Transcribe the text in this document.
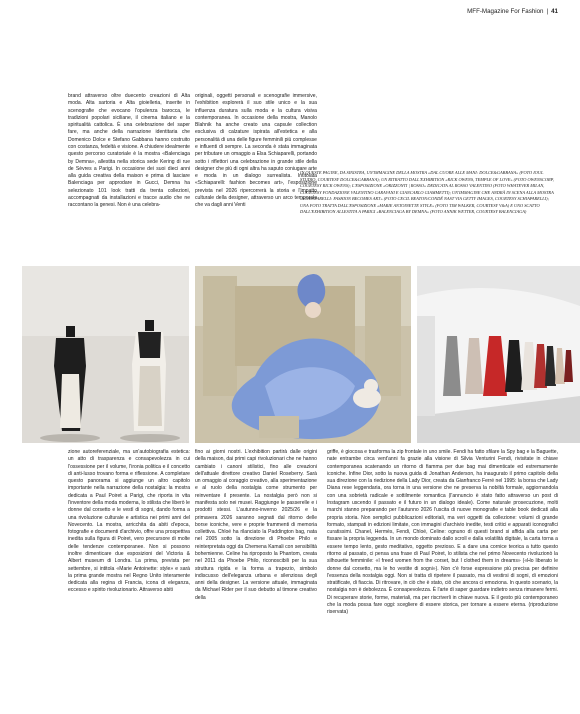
MFF-Magazine For Fashion | 41

brand attraverso oltre duecento creazioni di Alta moda. Alta sartoria e Alta gioielleria, inserite in scenografie che evocano l'opulenza barocca, le tradizioni popolari siciliane, il cinema italiano e la spiritualità cattolica. È una celebrazione del saper fare, ma anche della narrazione identitaria che Domenico Dolce e Stefano Gabbana hanno costruito con costanza, fedeltà e visione. A chiudere idealmente questo percorso curatoriale è la mostra «Balenciaga by Demna», allestita nella storica sede Kering di rue de Sèvres a Parigi. In occasione dei suoi dieci anni alla guida creativa della maison e prima di lasciare Balenciaga per approdare in Gucci, Demna ha selezionato 101 look tratti da trenta collezioni, accompagnati da installazioni e tracce audio che ne raccontano la genesi. Non è una celebra-

originali, oggetti personali e scenografie immersive, l'exhibition esplorerà il suo stile unico e la sua influenza duratura sulla moda e la cultura visiva contemporanea. In occasione della mostra, Manolo Blahnik ha anche creato una capsule collection esclusiva di calzature ispirata all'estetica e alla personalità di una delle figure femminili più complesse e influenti di sempre. La seconda è stata immaginata per tributare un omaggio a Elsa Schiaparelli, portando sotto i riflettori una celebrazione in grande stile della designer che più di ogni altra ha saputo coniugare arte e moda in un dialogo surrealista. Intitolata «Schiaparelli: fashion becomes art», l'esposizione prevista nel 2026 ripercorrerà la storia e l'impatto culturale della designer, attraverso un arco temporale che va dagli anni Venti

IN QUESTE PAGINE, DA SINISTRA, UN'IMMAGINE DELLA MOSTRA «DAL CUORE ALLE MANI: DOLCE&GABBANA» (FOTO IOUL STUDIO, COURTESY DOLCE&GABBANA); UN RITRATTO DALL'EXHIBITION «RICK OWENS, TEMPLE OF LOVE» (FOTO OWENSCORP, COURTESY RICK OWENS); L'ESPOSIZIONE «ORIZZONTI | ROSSO» DEDICATA AL ROSSO VALENTINO (FOTO WHATEVER MILAN, COURTESY FONDAZIONE VALENTINO GARAVANI E GIANCARLO GIAMMETTI); UN'IMMAGINE CHE ANDRÀ IN SCENA ALLA MOSTRA «SCHIAPARELLI: FASHION BECOMES ART» (FOTO CECIL BEATON/CONDÉ NAST VIA GETTY IMAGES, COURTESY SCHIAPARELLI); UNA FOTO TRATTA DALL'ESPOSIZIONE «MARIE ANTOINETTE STYLE» (FOTO TIM WALKER, COURTESY V&A) E UNO SCATTO DALL'EXHIBITION ALLESTITA A PARIGI «BALENCIAGA BY DEMNA» (FOTO ANNIK WETTER, COURTESY BALENCIAGA)

zione autoreferenziale, ma un'autobiografia estetica: un atto di trasparenza e consapevolezza in cui l'ossessione per il volume, l'ironia politica e il concetto di anti-lusso trovano forma e riflessione. A completare questo panorama si aggiunge un altro capitolo importante nella narrazione della nostalgia: la mostra dedicata a Paul Poiret a Parigi, che riporta in vita l'inventore della moda moderna, lo stilista che liberò le donne dal corsetto e le vestì di sogni, dando forma a una rivoluzione culturale e artistica nei primi anni del Novecento. La mostra, arricchita da abiti d'epoca, fotografie e documenti d'archivio, offre una prospettiva inedita sulla figura di Poiret, vero precursore di molte delle tendenze contemporanee. Non si possono inoltre dimenticare due esposizioni del Victoria & Albert museum di Londra. La prima, prevista per settembre, si intitola «Marie Antoinette: style» e sarà la prima grande mostra nel Regno Unito interamente dedicata alla regina di Francia, icona di eleganza, eccesso e spirito rivoluzionario. Attraverso abiti

fino ai giorni nostri. L'exhibition partirà dalle origini della maison, dai primi capi rivoluzionari che ne hanno cambiato i canoni stilistici, fino alle creazioni dell'attuale direttore creativo Daniel Roseberry. Sarà un omaggio al coraggio creativo, alla sperimentazione e al ruolo della nostalgia come strumento per reinventare il presente. La nostalgia però non si manifesta solo nei musei. Raggiunge le passerelle e i prodotti stessi. L'autunno-inverno 2025/26 e la primavera 2026 saranno segnati dal ritorno delle borse iconiche, vere e proprie frammenti di memoria collettiva. Chloé ha rilanciato la Paddington bag, nata nel 2005 sotto la direzione di Phoebe Philo e reinterpretata oggi da Chemena Kamali con sensibilità bohemienne. Celine ha riproposto la Phantom, creata nel 2011 da Phoebe Philo, riconoscibili per la sua struttura rigida e la forma a trapezio, simbolo indiscusso dell'eleganza urbana e silenziosa degli anni della designer. La versione attuale, immaginata da Michael Rider per il suo debutto al timone creativo della

griffe, è giocosa e trasforma la zip frontale in uno smile. Fendi ha fatto sfilare la Spy bag e la Baguette, nate entrambe circa vent'anni fa grazie alla visione di Silvia Venturini Fendi, rivisitate in chiave contemporanea scatenando un ritorno di fiamma per due bag mai dimenticate ed estremamente iconiche. Infine Dior, sotto la nuova guida di Jonathan Anderson, ha inaugurato il primo capitolo della sua direzione con la riedizione della Lady Dior, creata da Gianfranco Ferré nel 1995: la borsa che Lady Diana rese leggendaria, ora torna in una versione che ne preserva la nobiltà formale, aggiornandola con una sobrietà radicale e sottilmente romantica (l'annuncio è stato fatto attraverso un post di Instagram uscendo il passato e il futuro in un dialogo ideale). Come naturale prosecuzione, molti marchi stanno preparando per l'autunno 2026 l'uscita di nuove monografie e table book dedicati alla propria storia. Non semplici pubblicazioni editoriali, ma veri oggetti da collezione: volumi di grande formato, stampati in edizioni limitate, con immagini d'archivio inedite, testi critici e apparati iconografici curatissimi. Chanel, Hermès, Fendi, Chloé, Celine: ognuno di questi brand si affida alla carta per fissare la propria leggenda. In un mondo dominato dallo scroll e dalla volatilità digitale, la carta torna a essere tempo lento, gesto meditativo, oggetto prezioso. E a dare una cornice teorica a tutto questo ritorno al passato, ci pensa una frase di Paul Poiret, lo stilista che nel primo Novecento rivoluzionò la silhouette femminile: «I freed women from the corset, but I clothed them in dreams» («Ho liberato le donne dal corsetto, ma le ho vestite di sogni»). Non c'è forse espressione più precisa per definire l'essenza della nostalgia oggi. Non si tratta di ripetere il passato, ma di vestirsi di sogni, di emozioni stratificate, di fiaccia. Di ritrovare, in ciò che è stato, ciò che ancora ci emoziona. In questo scenario, la nostalgia non è debolezza. È consapevolezza. È l'arte di saper guardare indietro senza rimanere fermi. Di recuperare storie, forme, materiali, ma per riscriverli in chiave nuova. E il gesto più contemporaneo che la moda possa fare oggi: scegliere di essere storica, per tornare a essere eterna. (riproduzione riservata)
